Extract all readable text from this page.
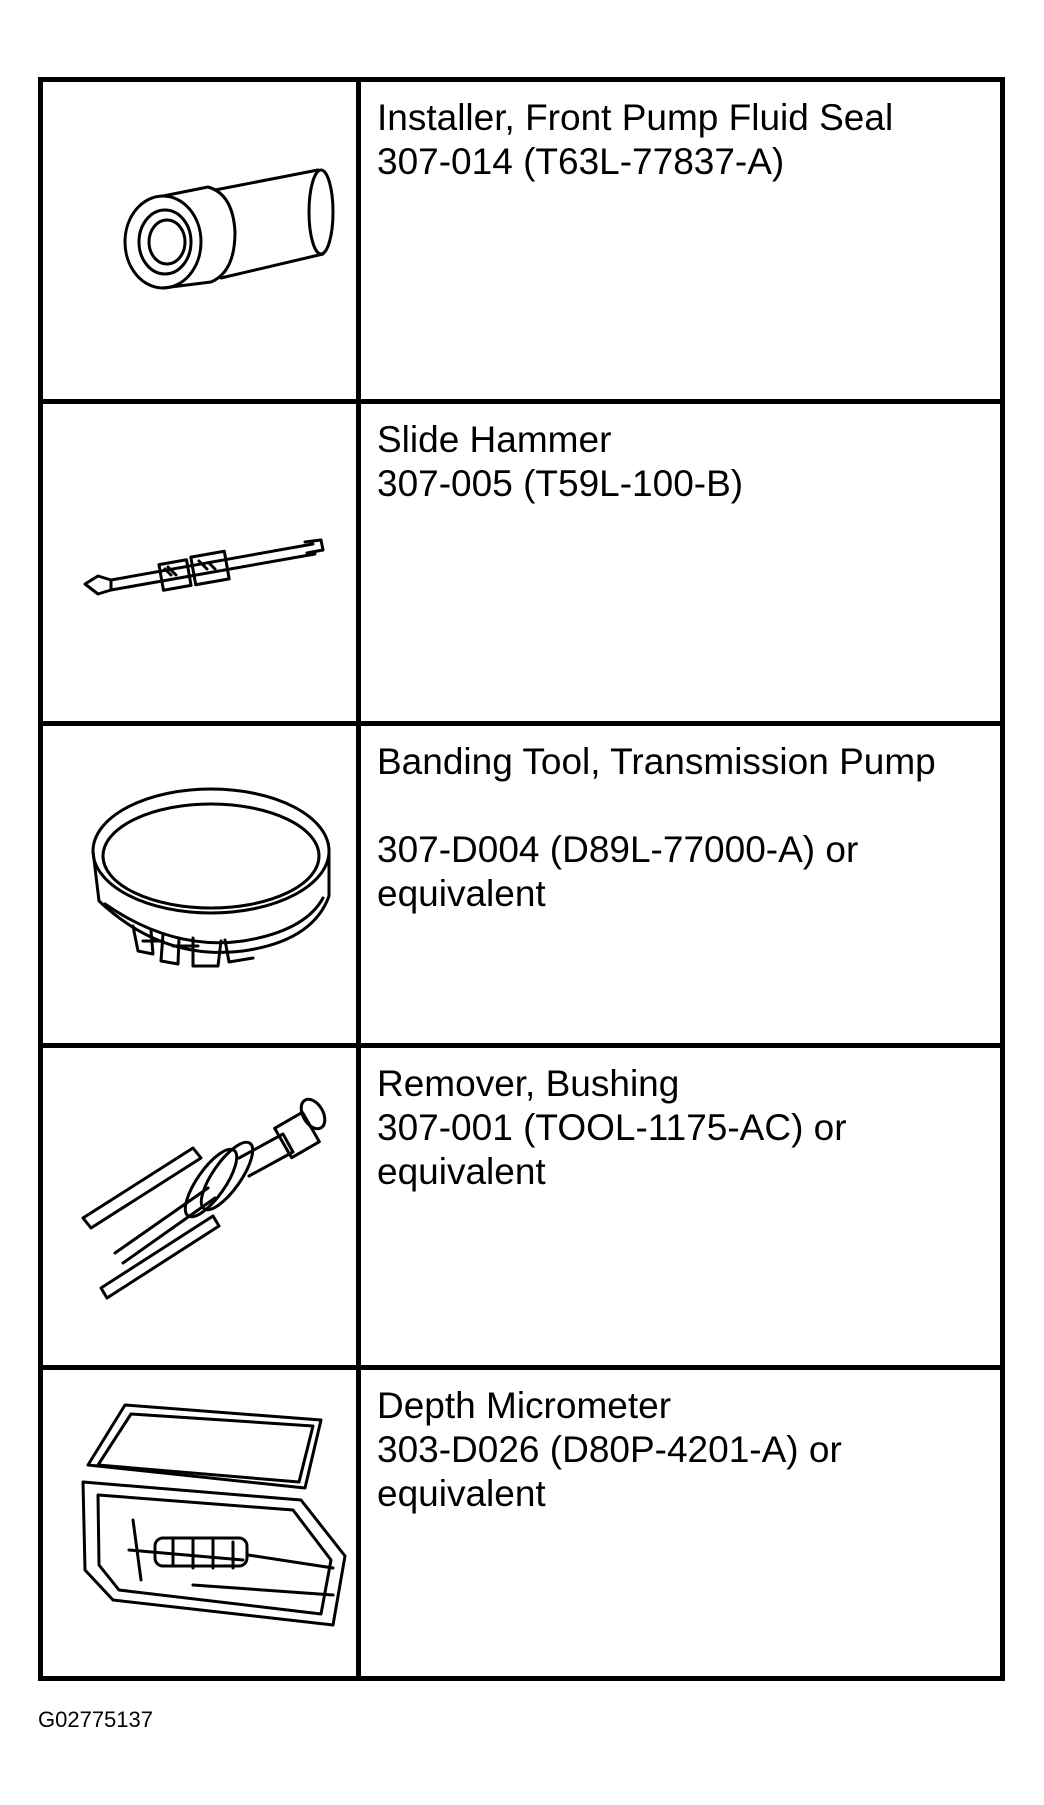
Installer, Front Pump Fluid Seal
307-014 (T63L-77837-A)
Slide Hammer
307-005 (T59L-100-B)
Banding Tool, Transmission Pump
307-D004 (D89L-77000-A) or
equivalent
Remover, Bushing
307-001 (TOOL-1175-AC) or
equivalent
Depth Micrometer
303-D026 (D80P-4201-A) or
equivalent
G02775137
